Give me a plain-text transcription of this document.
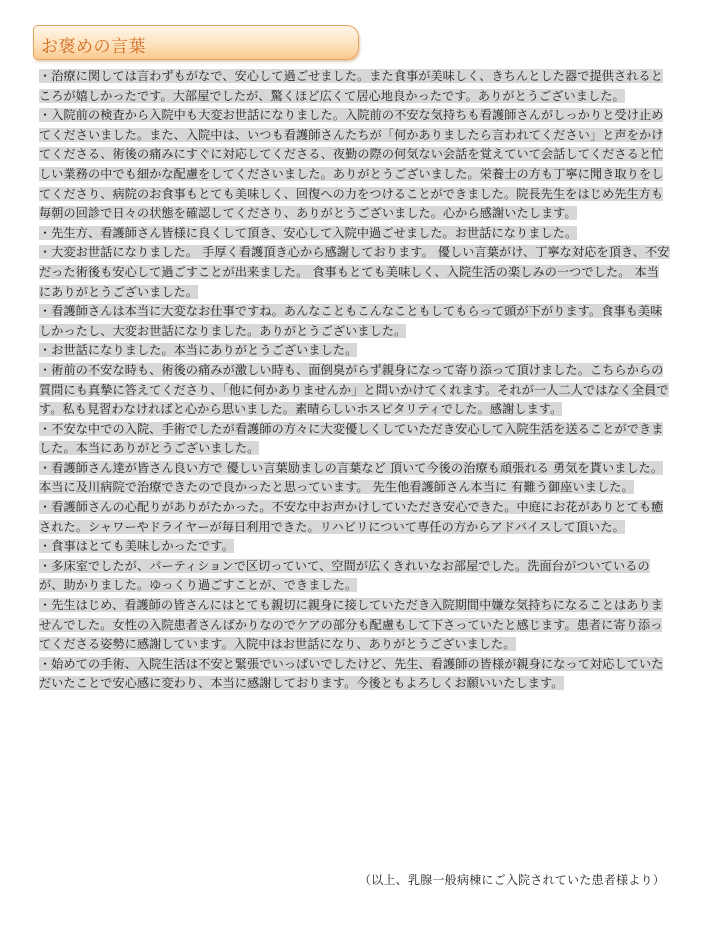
お褒めの言葉

・治療に関しては言わずもがなで、安心して過ごせました。また食事が美味しく、きちんとした器で提供されるところが嬉しかったです。大部屋でしたが、驚くほど広くて居心地良かったです。ありがとうございました。

・入院前の検査から入院中も大変お世話になりました。入院前の不安な気持ちも看護師さんがしっかりと受け止めてくださいました。また、入院中は、いつも看護師さんたちが「何かありましたら言われてください」と声をかけてくださる、術後の痛みにすぐに対応してくださる、夜勤の際の何気ない会話を覚えていて会話してくださると忙しい業務の中でも細かな配慮をしてくださいました。ありがとうございました。栄養士の方も丁寧に聞き取りをしてくださり、病院のお食事もとても美味しく、回復への力をつけることができました。院長先生をはじめ先生方も毎朝の回診で日々の状態を確認してくださり、ありがとうございました。心から感謝いたします。

・先生方、看護師さん皆様に良くして頂き、安心して入院中過ごせました。お世話になりました。

・大変お世話になりました。 手厚く看護頂き心から感謝しております。 優しい言葉がけ、丁寧な対応を頂き、不安だった術後も安心して過ごすことが出来ました。 食事もとても美味しく、入院生活の楽しみの一つでした。 本当にありがとうございました。

・看護師さんは本当に大変なお仕事ですね。あんなこともこんなこともしてもらって頭が下がります。食事も美味しかったし、大変お世話になりました。ありがとうございました。

・お世話になりました。本当にありがとうございました。

・術前の不安な時も、術後の痛みが激しい時も、面倒臭がらず親身になって寄り添って頂けました。こちらからの質問にも真摯に答えてくださり、「他に何かありませんか」と問いかけてくれます。それが一人二人ではなく全員です。私も見習わなければと心から思いました。素晴らしいホスピタリティでした。感謝します。

・不安な中での入院、手術でしたが看護師の方々に大変優しくしていただき安心して入院生活を送ることができました。本当にありがとうございました。

・看護師さん達が皆さん良い方で 優しい言葉励ましの言葉など 頂いて今後の治療も頑張れる 勇気を貰いました。 本当に及川病院で治療できたので良かったと思っています。 先生他看護師さん本当に 有難う御座いました。

・看護師さんの心配りがありがたかった。不安な中お声かけしていただき安心できた。中庭にお花がありとても癒された。シャワーやドライヤーが毎日利用できた。リハビリについて専任の方からアドバイスして頂いた。

・食事はとても美味しかったです。

・多床室でしたが、パーティションで区切っていて、空間が広くきれいなお部屋でした。洗面台がついているのが、助かりました。ゆっくり過ごすことが、できました。

・先生はじめ、看護師の皆さんにはとても親切に親身に接していただき入院期間中嫌な気持ちになることはありませんでした。女性の入院患者さんばかりなのでケアの部分も配慮もして下さっていたと感じます。患者に寄り添ってくださる姿勢に感謝しています。入院中はお世話になり、ありがとうございました。

・始めての手術、入院生活は不安と緊張でいっぱいでしたけど、先生、看護師の皆様が親身になって対応していただいたことで安心感に変わり、本当に感謝しております。今後ともよろしくお願いいたします。

（以上、乳腺一般病棟にご入院されていた患者様より）
